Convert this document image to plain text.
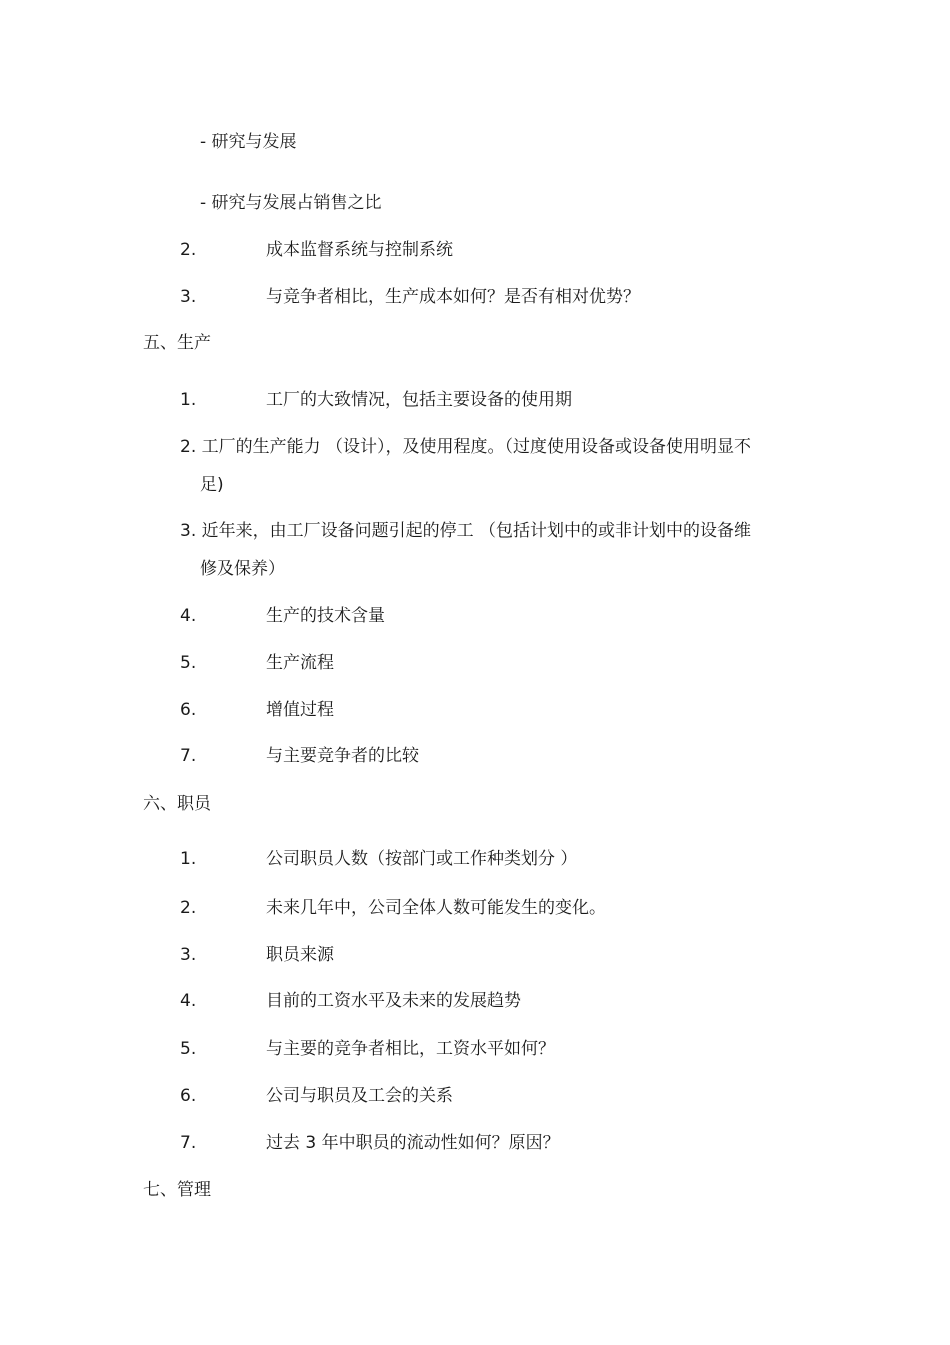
- 研究与发展
- 研究与发展占销售之比
2.	成本监督系统与控制系统
3.	与竞争者相比，生产成本如何？是否有相对优势？
五、生产
1.	工厂的大致情况，包括主要设备的使用期
2. 工厂的生产能力 （设计），及使用程度。（过度使用设备或设备使用明显不
足)
3. 近年来，由工厂设备问题引起的停工 （包括计划中的或非计划中的设备维
修及保养）
4.	生产的技术含量
5.	生产流程
6.	增值过程
7.	与主要竞争者的比较
六、职员
1.	公司职员人数（按部门或工作种类划分 ）
2.	未来几年中，公司全体人数可能发生的变化。
3.	职员来源
4.	目前的工资水平及未来的发展趋势
5.	与主要的竞争者相比，工资水平如何？
6.	公司与职员及工会的关系
7.	过去 3 年中职员的流动性如何？原因？
七、管理
